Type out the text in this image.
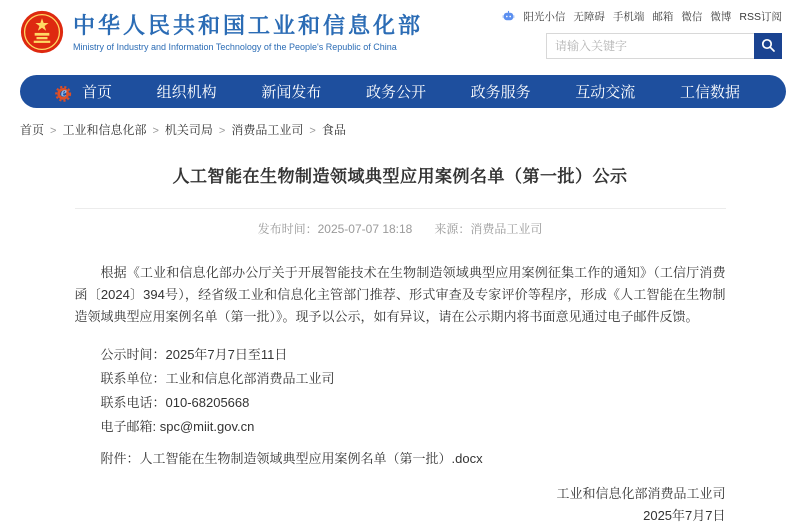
中华人民共和国工业和信息化部
Ministry of Industry and Information Technology of the People's Republic of China
阳光小信 无障碍 手机端 邮箱 微信 微博 RSS订阅
请输入关键字
e 首页	组织机构	新闻发布	政务公开	政务服务	互动交流	工信数据
首页 > 工业和信息化部 > 机关司局 > 消费品工业司 > 食品
人工智能在生物制造领域典型应用案例名单（第一批）公示
发布时间：2025-07-07 18:18 来源：消费品工业司

根据《工业和信息化部办公厅关于开展智能技术在生物制造领域典型应用案例征集工作的通知》（工信厅消费函〔2024〕394号），经省级工业和信息化主管部门推荐、形式审查及专家评价等程序，形成《人工智能在生物制造领域典型应用案例名单（第一批）》。现予以公示，如有异议，请在公示期内将书面意见通过电子邮件反馈。

公示时间：2025年7月7日至11日

联系单位：工业和信息化部消费品工业司

联系电话：010-68205668

电子邮箱: spc@miit.gov.cn

附件：人工智能在生物制造领域典型应用案例名单（第一批）.docx

工业和信息化部消费品工业司
2025年7月7日
